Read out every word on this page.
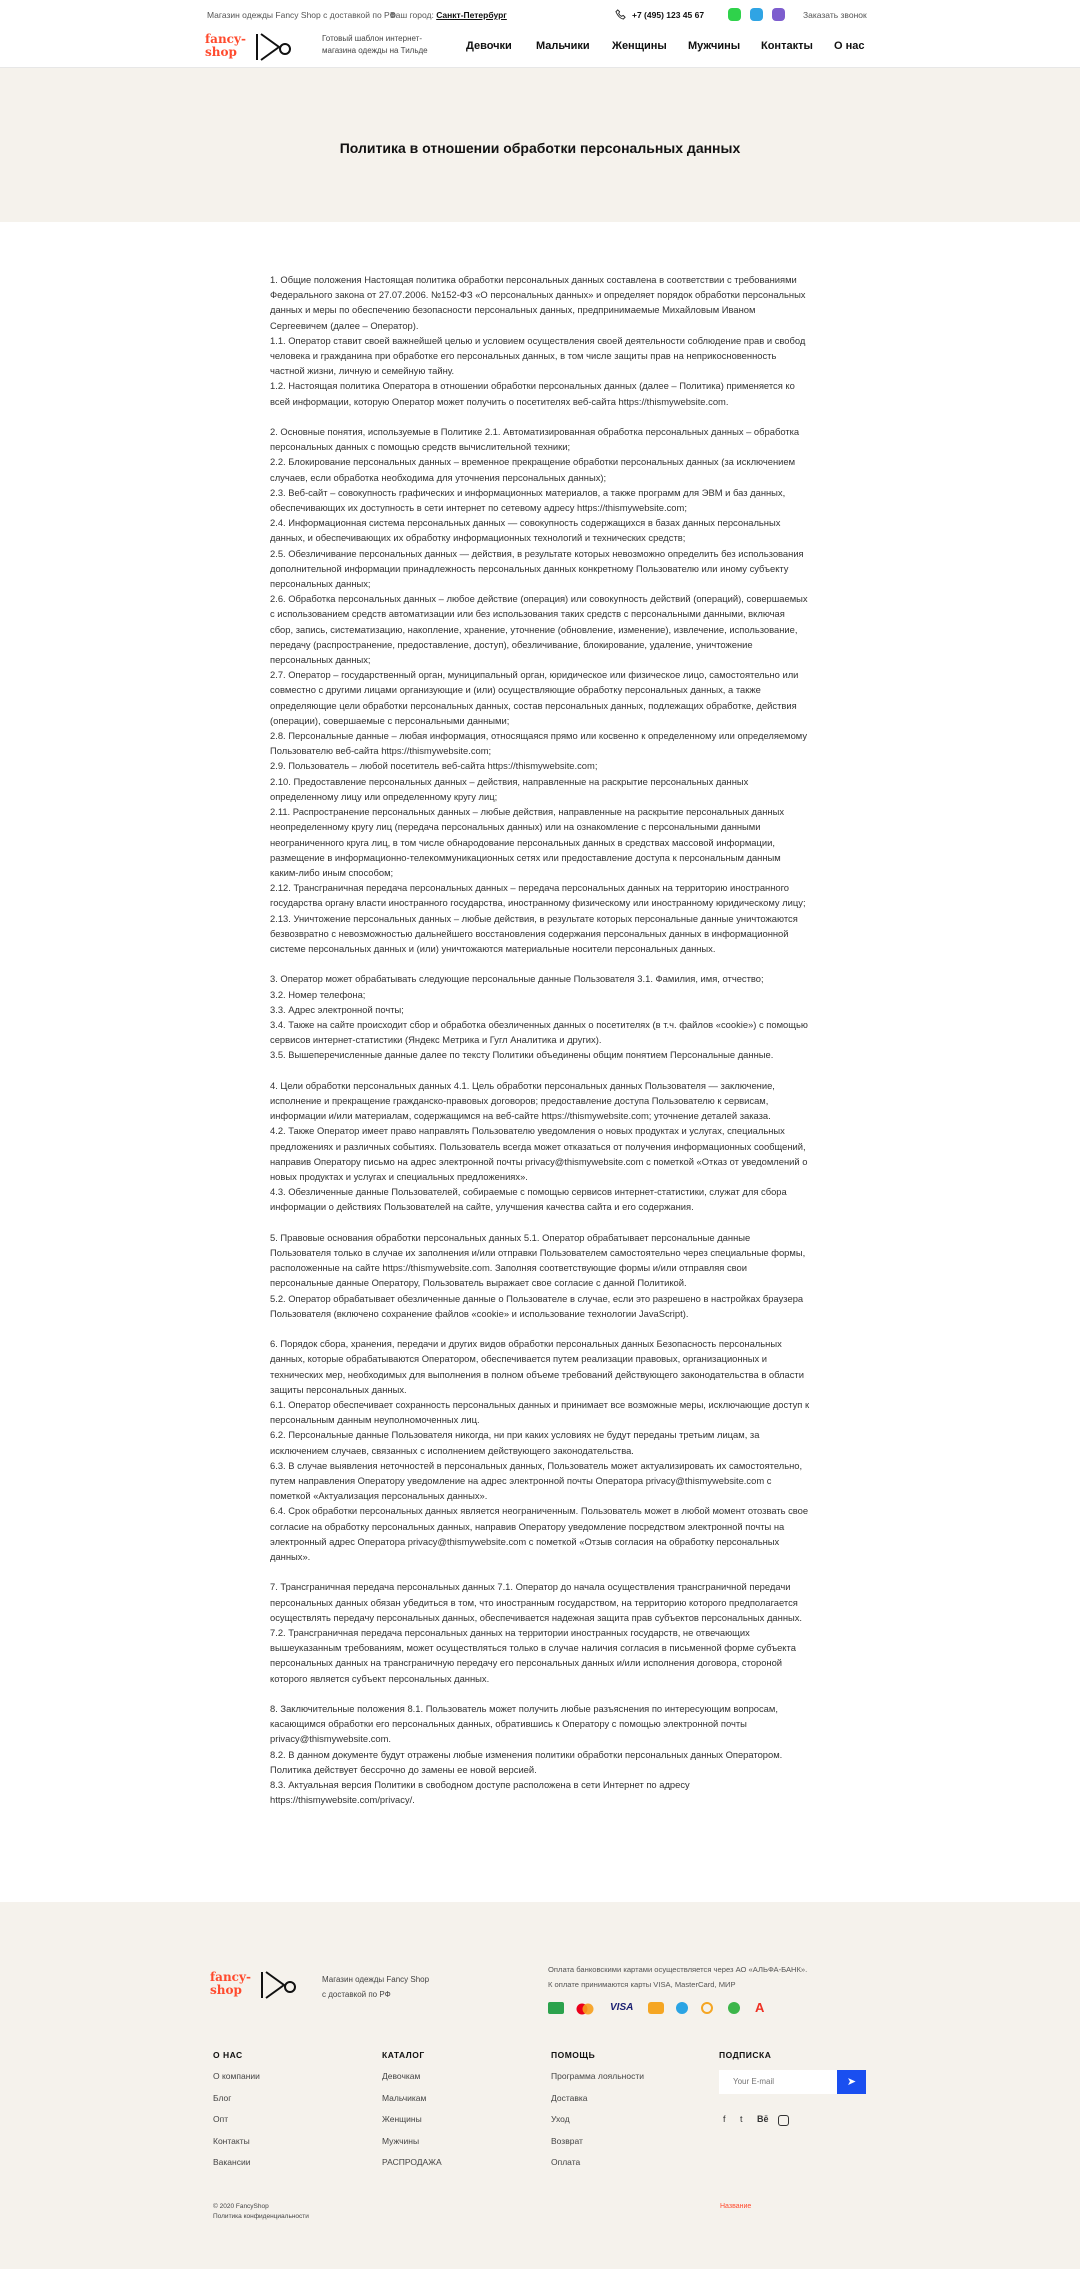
Магазин одежды Fancy Shop с доставкой по РФ
Ваш город: Санкт-Петербург	+7 (495) 123 45 67	Заказать звонок
fancy-
shop
Готовый шаблон интернет-магазина одежды на Тильде	Девочки Мальчики Женщины Мужчины Контакты О нас
Политика в отношении обработки персональных данных

1. Общие положения Настоящая политика обработки персональных данных составлена в соответствии с требованиями Федерального закона от 27.07.2006. №152-ФЗ «О персональных данных» и определяет порядок обработки персональных данных и меры по обеспечению безопасности персональных данных, предпринимаемые Михайловым Иваном Сергеевичем (далее – Оператор).
1.1. Оператор ставит своей важнейшей целью и условием осуществления своей деятельности соблюдение прав и свобод человека и гражданина при обработке его персональных данных, в том числе защиты прав на неприкосновенность частной жизни, личную и семейную тайну.
1.2. Настоящая политика Оператора в отношении обработки персональных данных (далее – Политика) применяется ко всей информации, которую Оператор может получить о посетителях веб-сайта https://thismywebsite.com.

2. Основные понятия, используемые в Политике 2.1. Автоматизированная обработка персональных данных – обработка персональных данных с помощью средств вычислительной техники;
2.2. Блокирование персональных данных – временное прекращение обработки персональных данных (за исключением случаев, если обработка необходима для уточнения персональных данных);
2.3. Веб-сайт – совокупность графических и информационных материалов, а также программ для ЭВМ и баз данных, обеспечивающих их доступность в сети интернет по сетевому адресу https://thismywebsite.com;
2.4. Информационная система персональных данных — совокупность содержащихся в базах данных персональных данных, и обеспечивающих их обработку информационных технологий и технических средств;
2.5. Обезличивание персональных данных — действия, в результате которых невозможно определить без использования дополнительной информации принадлежность персональных данных конкретному Пользователю или иному субъекту персональных данных;
2.6. Обработка персональных данных – любое действие (операция) или совокупность действий (операций), совершаемых с использованием средств автоматизации или без использования таких средств с персональными данными, включая сбор, запись, систематизацию, накопление, хранение, уточнение (обновление, изменение), извлечение, использование, передачу (распространение, предоставление, доступ), обезличивание, блокирование, удаление, уничтожение персональных данных;
2.7. Оператор – государственный орган, муниципальный орган, юридическое или физическое лицо, самостоятельно или совместно с другими лицами организующие и (или) осуществляющие обработку персональных данных, а также определяющие цели обработки персональных данных, состав персональных данных, подлежащих обработке, действия (операции), совершаемые с персональными данными;
2.8. Персональные данные – любая информация, относящаяся прямо или косвенно к определенному или определяемому Пользователю веб-сайта https://thismywebsite.com;
2.9. Пользователь – любой посетитель веб-сайта https://thismywebsite.com;
2.10. Предоставление персональных данных – действия, направленные на раскрытие персональных данных определенному лицу или определенному кругу лиц;
2.11. Распространение персональных данных – любые действия, направленные на раскрытие персональных данных неопределенному кругу лиц (передача персональных данных) или на ознакомление с персональными данными неограниченного круга лиц, в том числе обнародование персональных данных в средствах массовой информации, размещение в информационно-телекоммуникационных сетях или предоставление доступа к персональным данным каким-либо иным способом;
2.12. Трансграничная передача персональных данных – передача персональных данных на территорию иностранного государства органу власти иностранного государства, иностранному физическому или иностранному юридическому лицу;
2.13. Уничтожение персональных данных – любые действия, в результате которых персональные данные уничтожаются безвозвратно с невозможностью дальнейшего восстановления содержания персональных данных в информационной системе персональных данных и (или) уничтожаются материальные носители персональных данных.

3. Оператор может обрабатывать следующие персональные данные Пользователя 3.1. Фамилия, имя, отчество;
3.2. Номер телефона;
3.3. Адрес электронной почты;
3.4. Также на сайте происходит сбор и обработка обезличенных данных о посетителях (в т.ч. файлов «cookie») с помощью сервисов интернет-статистики (Яндекс Метрика и Гугл Аналитика и других).
3.5. Вышеперечисленные данные далее по тексту Политики объединены общим понятием Персональные данные.

4. Цели обработки персональных данных 4.1. Цель обработки персональных данных Пользователя — заключение, исполнение и прекращение гражданско-правовых договоров; предоставление доступа Пользователю к сервисам, информации и/или материалам, содержащимся на веб-сайте https://thismywebsite.com; уточнение деталей заказа.
4.2. Также Оператор имеет право направлять Пользователю уведомления о новых продуктах и услугах, специальных предложениях и различных событиях. Пользователь всегда может отказаться от получения информационных сообщений, направив Оператору письмо на адрес электронной почты privacy@thismywebsite.com с пометкой «Отказ от уведомлений о новых продуктах и услугах и специальных предложениях».
4.3. Обезличенные данные Пользователей, собираемые с помощью сервисов интернет-статистики, служат для сбора информации о действиях Пользователей на сайте, улучшения качества сайта и его содержания.

5. Правовые основания обработки персональных данных 5.1. Оператор обрабатывает персональные данные Пользователя только в случае их заполнения и/или отправки Пользователем самостоятельно через специальные формы, расположенные на сайте https://thismywebsite.com. Заполняя соответствующие формы и/или отправляя свои персональные данные Оператору, Пользователь выражает свое согласие с данной Политикой.
5.2. Оператор обрабатывает обезличенные данные о Пользователе в случае, если это разрешено в настройках браузера Пользователя (включено сохранение файлов «cookie» и использование технологии JavaScript).

6. Порядок сбора, хранения, передачи и других видов обработки персональных данных Безопасность персональных данных, которые обрабатываются Оператором, обеспечивается путем реализации правовых, организационных и технических мер, необходимых для выполнения в полном объеме требований действующего законодательства в области защиты персональных данных.
6.1. Оператор обеспечивает сохранность персональных данных и принимает все возможные меры, исключающие доступ к персональным данным неуполномоченных лиц.
6.2. Персональные данные Пользователя никогда, ни при каких условиях не будут переданы третьим лицам, за исключением случаев, связанных с исполнением действующего законодательства.
6.3. В случае выявления неточностей в персональных данных, Пользователь может актуализировать их самостоятельно, путем направления Оператору уведомление на адрес электронной почты Оператора privacy@thismywebsite.com с пометкой «Актуализация персональных данных».
6.4. Срок обработки персональных данных является неограниченным. Пользователь может в любой момент отозвать свое согласие на обработку персональных данных, направив Оператору уведомление посредством электронной почты на электронный адрес Оператора privacy@thismywebsite.com с пометкой «Отзыв согласия на обработку персональных данных».

7. Трансграничная передача персональных данных 7.1. Оператор до начала осуществления трансграничной передачи персональных данных обязан убедиться в том, что иностранным государством, на территорию которого предполагается осуществлять передачу персональных данных, обеспечивается надежная защита прав субъектов персональных данных.
7.2. Трансграничная передача персональных данных на территории иностранных государств, не отвечающих вышеуказанным требованиям, может осуществляться только в случае наличия согласия в письменной форме субъекта персональных данных на трансграничную передачу его персональных данных и/или исполнения договора, стороной которого является субъект персональных данных.

8. Заключительные положения 8.1. Пользователь может получить любые разъяснения по интересующим вопросам, касающимся обработки его персональных данных, обратившись к Оператору с помощью электронной почты privacy@thismywebsite.com.
8.2. В данном документе будут отражены любые изменения политики обработки персональных данных Оператором. Политика действует бессрочно до замены ее новой версией.
8.3. Актуальная версия Политики в свободном доступе расположена в сети Интернет по адресу https://thismywebsite.com/privacy/.

fancy-
shop
Магазин одежды Fancy Shop
с доставкой по РФ
Оплата банковскими картами осуществляется через АО «АЛЬФА-БАНК».
К оплате принимаются карты VISA, MasterCard, МИР
VISA	A
О НАС
О компании
Блог
Опт
Контакты
Вакансии
КАТАЛОГ
Девочкам
Мальчикам
Женщины
Мужчины
РАСПРОДАЖА
ПОМОЩЬ
Программа лояльности
Доставка
Уход
Возврат
Оплата
ПОДПИСКА
Your E-mail
➤
f t Bē
© 2020 FancyShop
Политика конфиденциальности
Название
